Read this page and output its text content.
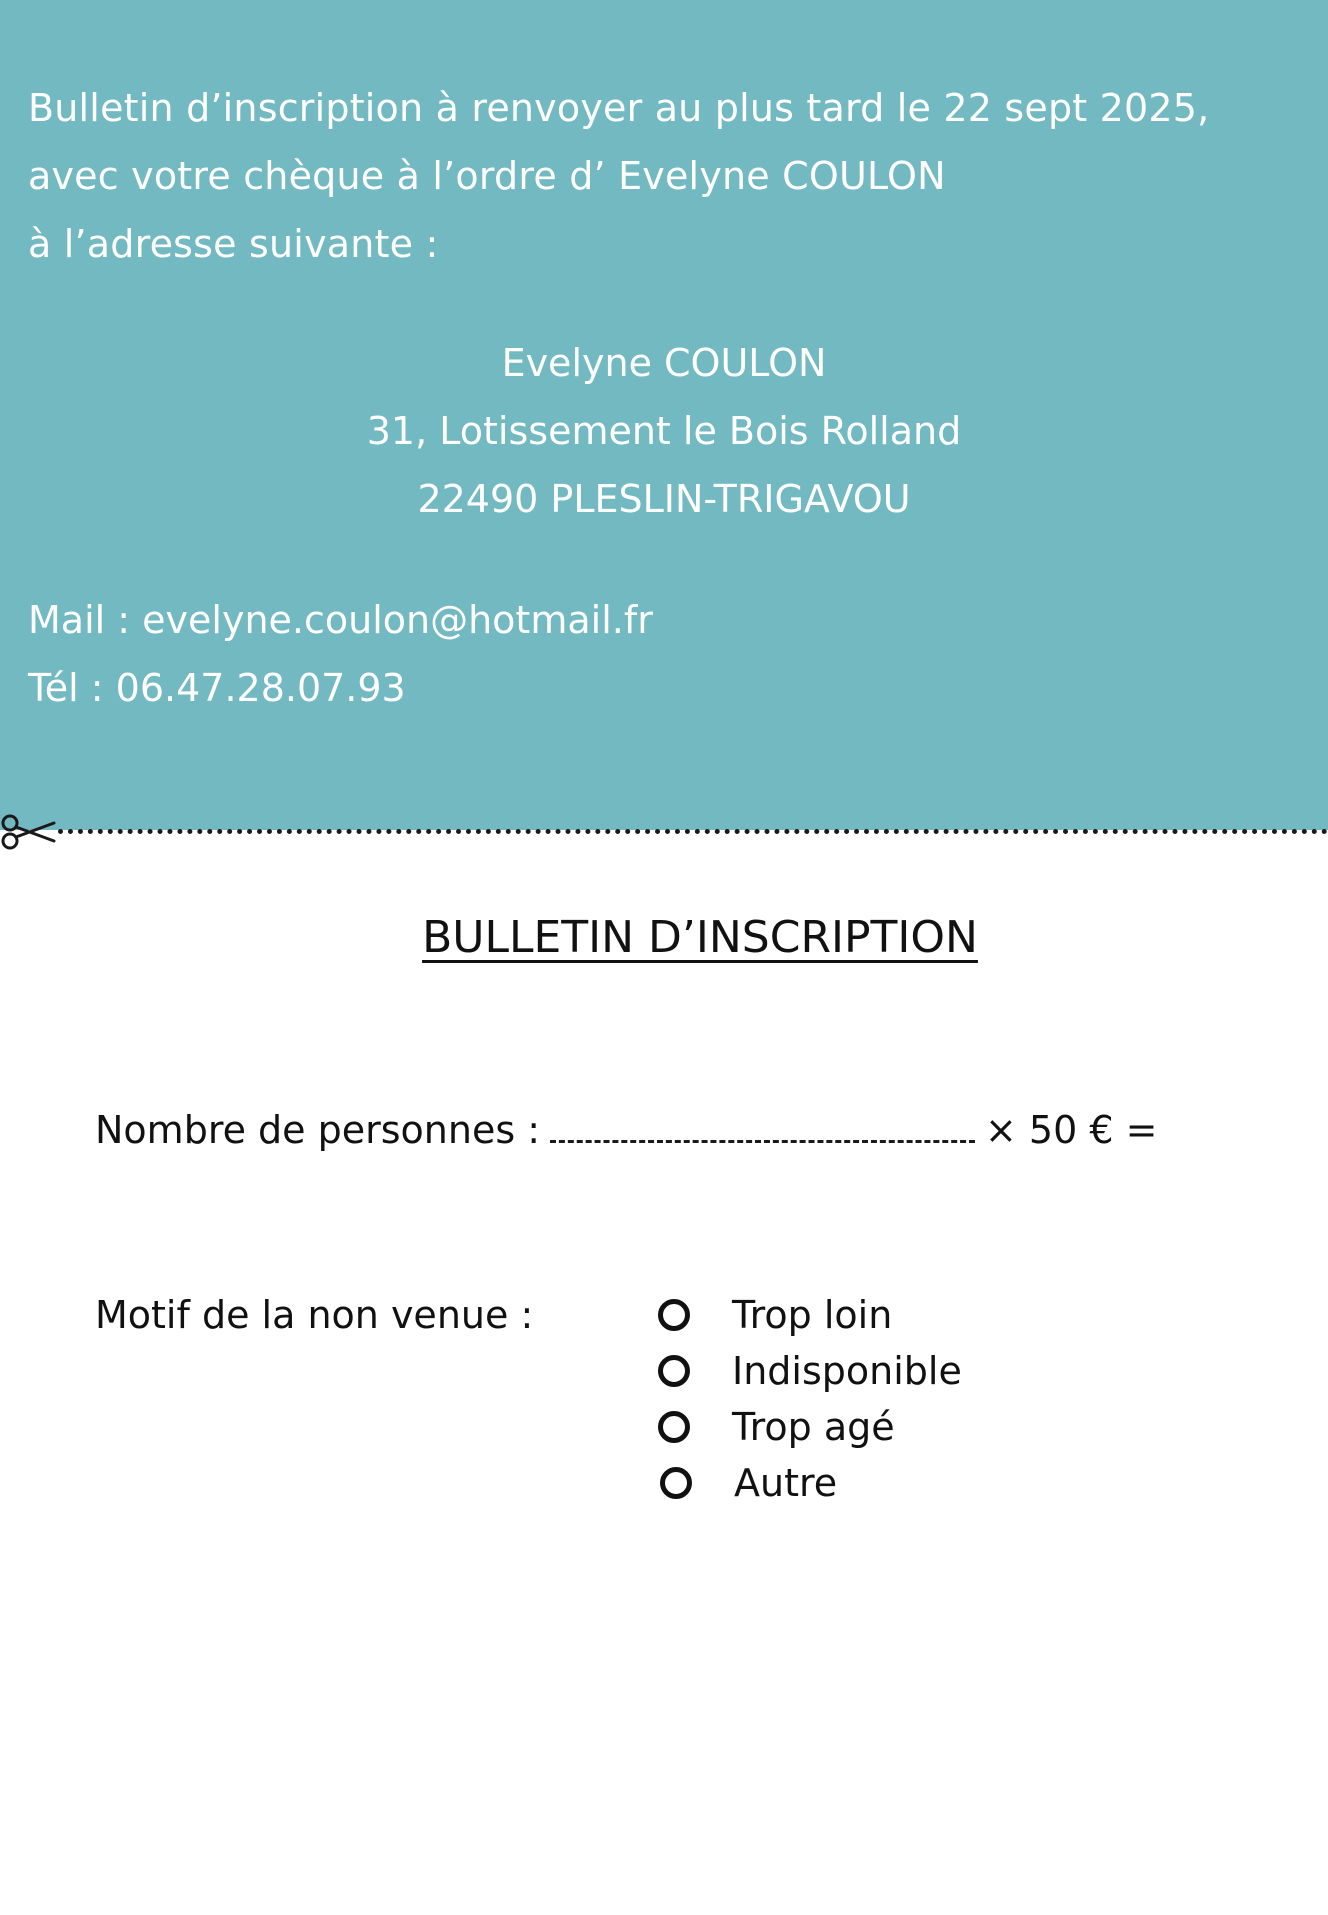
Bulletin d’inscription à renvoyer au plus tard le 22 sept 2025,
avec votre chèque à l’ordre d’ Evelyne COULON
à l’adresse suivante :
Evelyne COULON
31, Lotissement le Bois Rolland
22490 PLESLIN-TRIGAVOU
Mail : evelyne.coulon@hotmail.fr
Tél : 06.47.28.07.93
BULLETIN D’INSCRIPTION
Nombre de personnes :	× 50 € =
Motif de la non venue :	Trop loin
Indisponible
Trop agé
Autre
